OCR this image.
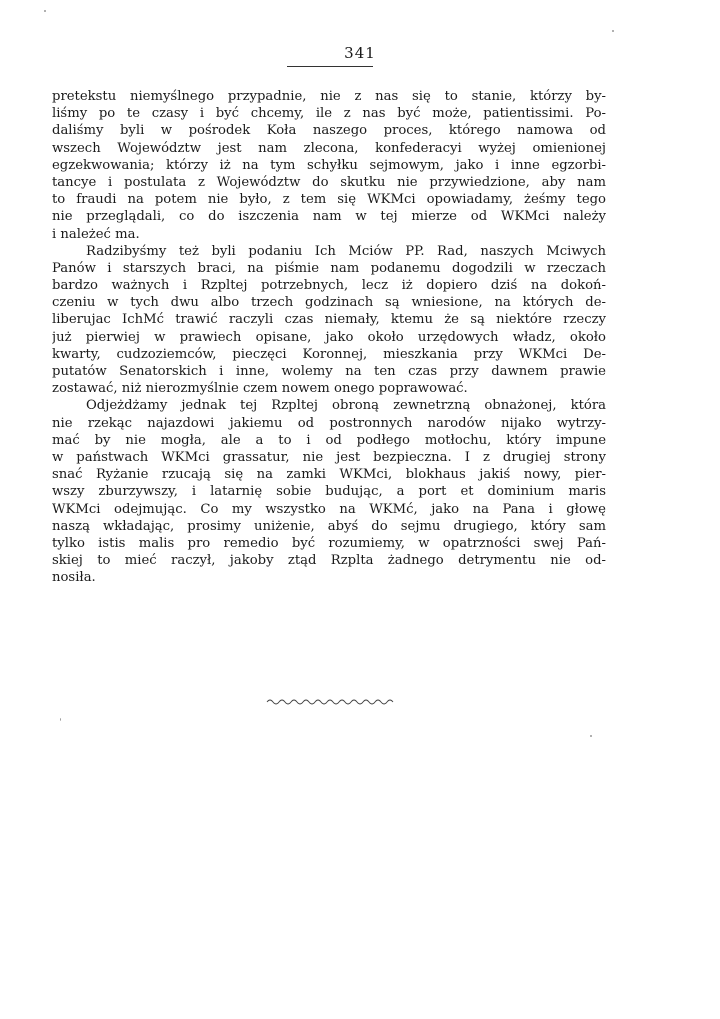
341
pretekstu niemyślnego przypadnie, nie z nas się to stanie, którzy by-
liśmy po te czasy i być chcemy, ile z nas być może, patientissimi. Po-
daliśmy byli w pośrodek Koła naszego proces, którego namowa od
wszech Województw jest nam zlecona, konfederacyi wyżej omienionej
egzekwowania; którzy iż na tym schyłku sejmowym, jako i inne egzorbi-
tancye i postulata z Województw do skutku nie przywiedzione, aby nam
to fraudi na potem nie było, z tem się WKMci opowiadamy, żeśmy tego
nie przeglądali, co do iszczenia nam w tej mierze od WKMci należy
i należeć ma.
Radzibyśmy też byli podaniu Ich Mciów PP. Rad, naszych Mciwych
Panów i starszych braci, na piśmie nam podanemu dogodzili w rzeczach
bardzo ważnych i Rzpltej potrzebnych, lecz iż dopiero dziś na dokoń-
czeniu w tych dwu albo trzech godzinach są wniesione, na których de-
liberujac IchMć trawić raczyli czas niemały, ktemu że są niektóre rzeczy
już pierwiej w prawiech opisane, jako około urzędowych władz, około
kwarty, cudzoziemców, pieczęci Koronnej, mieszkania przy WKMci De-
putatów Senatorskich i inne, wolemy na ten czas przy dawnem prawie
zostawać, niż nierozmyślnie czem nowem onego poprawować.
Odjeżdżamy jednak tej Rzpltej obroną zewnetrzną obnażonej, która
nie rzekąc najazdowi jakiemu od postronnych narodów nijako wytrzy-
mać by nie mogła, ale a to i od podłego motłochu, który impune
w państwach WKMci grassatur, nie jest bezpieczna. I z drugiej strony
snać Ryżanie rzucają się na zamki WKMci, blokhaus jakiś nowy, pier-
wszy zburzywszy, i latarnię sobie budując, a port et dominium maris
WKMci odejmując. Co my wszystko na WKMć, jako na Pana i głowę
naszą wkładając, prosimy uniżenie, abyś do sejmu drugiego, który sam
tylko istis malis pro remedio być rozumiemy, w opatrzności swej Pań-
skiej to mieć raczył, jakoby ztąd Rzplta żadnego detrymentu nie od-
nosiła.
